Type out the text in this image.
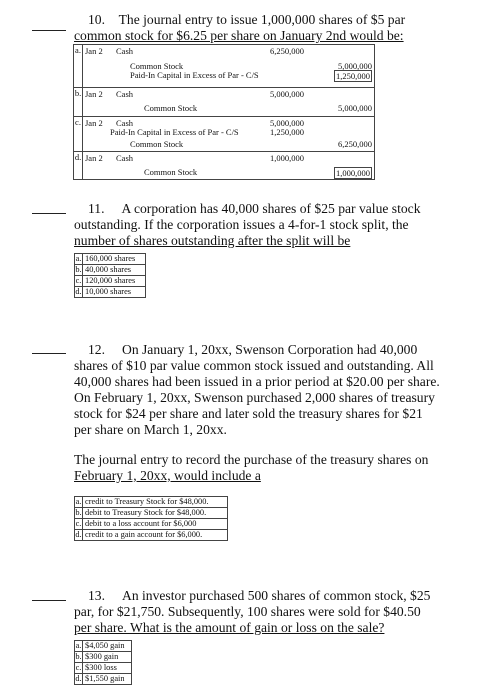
10. The journal entry to issue 1,000,000 shares of $5 par
common stock for $6.25 per share on January 2nd would be:
a. Jan 2 Cash	6,250,000
Common Stock	5,000,000
Paid-In Capital in Excess of Par - C/S	1,250,000
b. Jan 2 Cash	5,000,000
Common Stock	5,000,000
c. Jan 2 Cash	5,000,000
Paid-In Capital in Excess of Par - C/S	1,250,000
Common Stock	6,250,000
d. Jan 2 Cash	1,000,000
Common Stock	1,000,000
11. A corporation has 40,000 shares of $25 par value stock
outstanding. If the corporation issues a 4-for-1 stock split, the
number of shares outstanding after the split will be
a. 160,000 shares
b. 40,000 shares
c. 120,000 shares
d. 10,000 shares
12. On January 1, 20xx, Swenson Corporation had 40,000
shares of $10 par value common stock issued and outstanding. All
40,000 shares had been issued in a prior period at $20.00 per share.
On February 1, 20xx, Swenson purchased 2,000 shares of treasury
stock for $24 per share and later sold the treasury shares for $21
per share on March 1, 20xx.
The journal entry to record the purchase of the treasury shares on
February 1, 20xx, would include a
a. credit to Treasury Stock for $48,000.
b. debit to Treasury Stock for $48,000.
c. debit to a loss account for $6,000
d. credit to a gain account for $6,000.
13. An investor purchased 500 shares of common stock, $25
par, for $21,750. Subsequently, 100 shares were sold for $40.50
per share. What is the amount of gain or loss on the sale?
a. $4,050 gain
b. $300 gain
c. $300 loss
d. $1,550 gain
